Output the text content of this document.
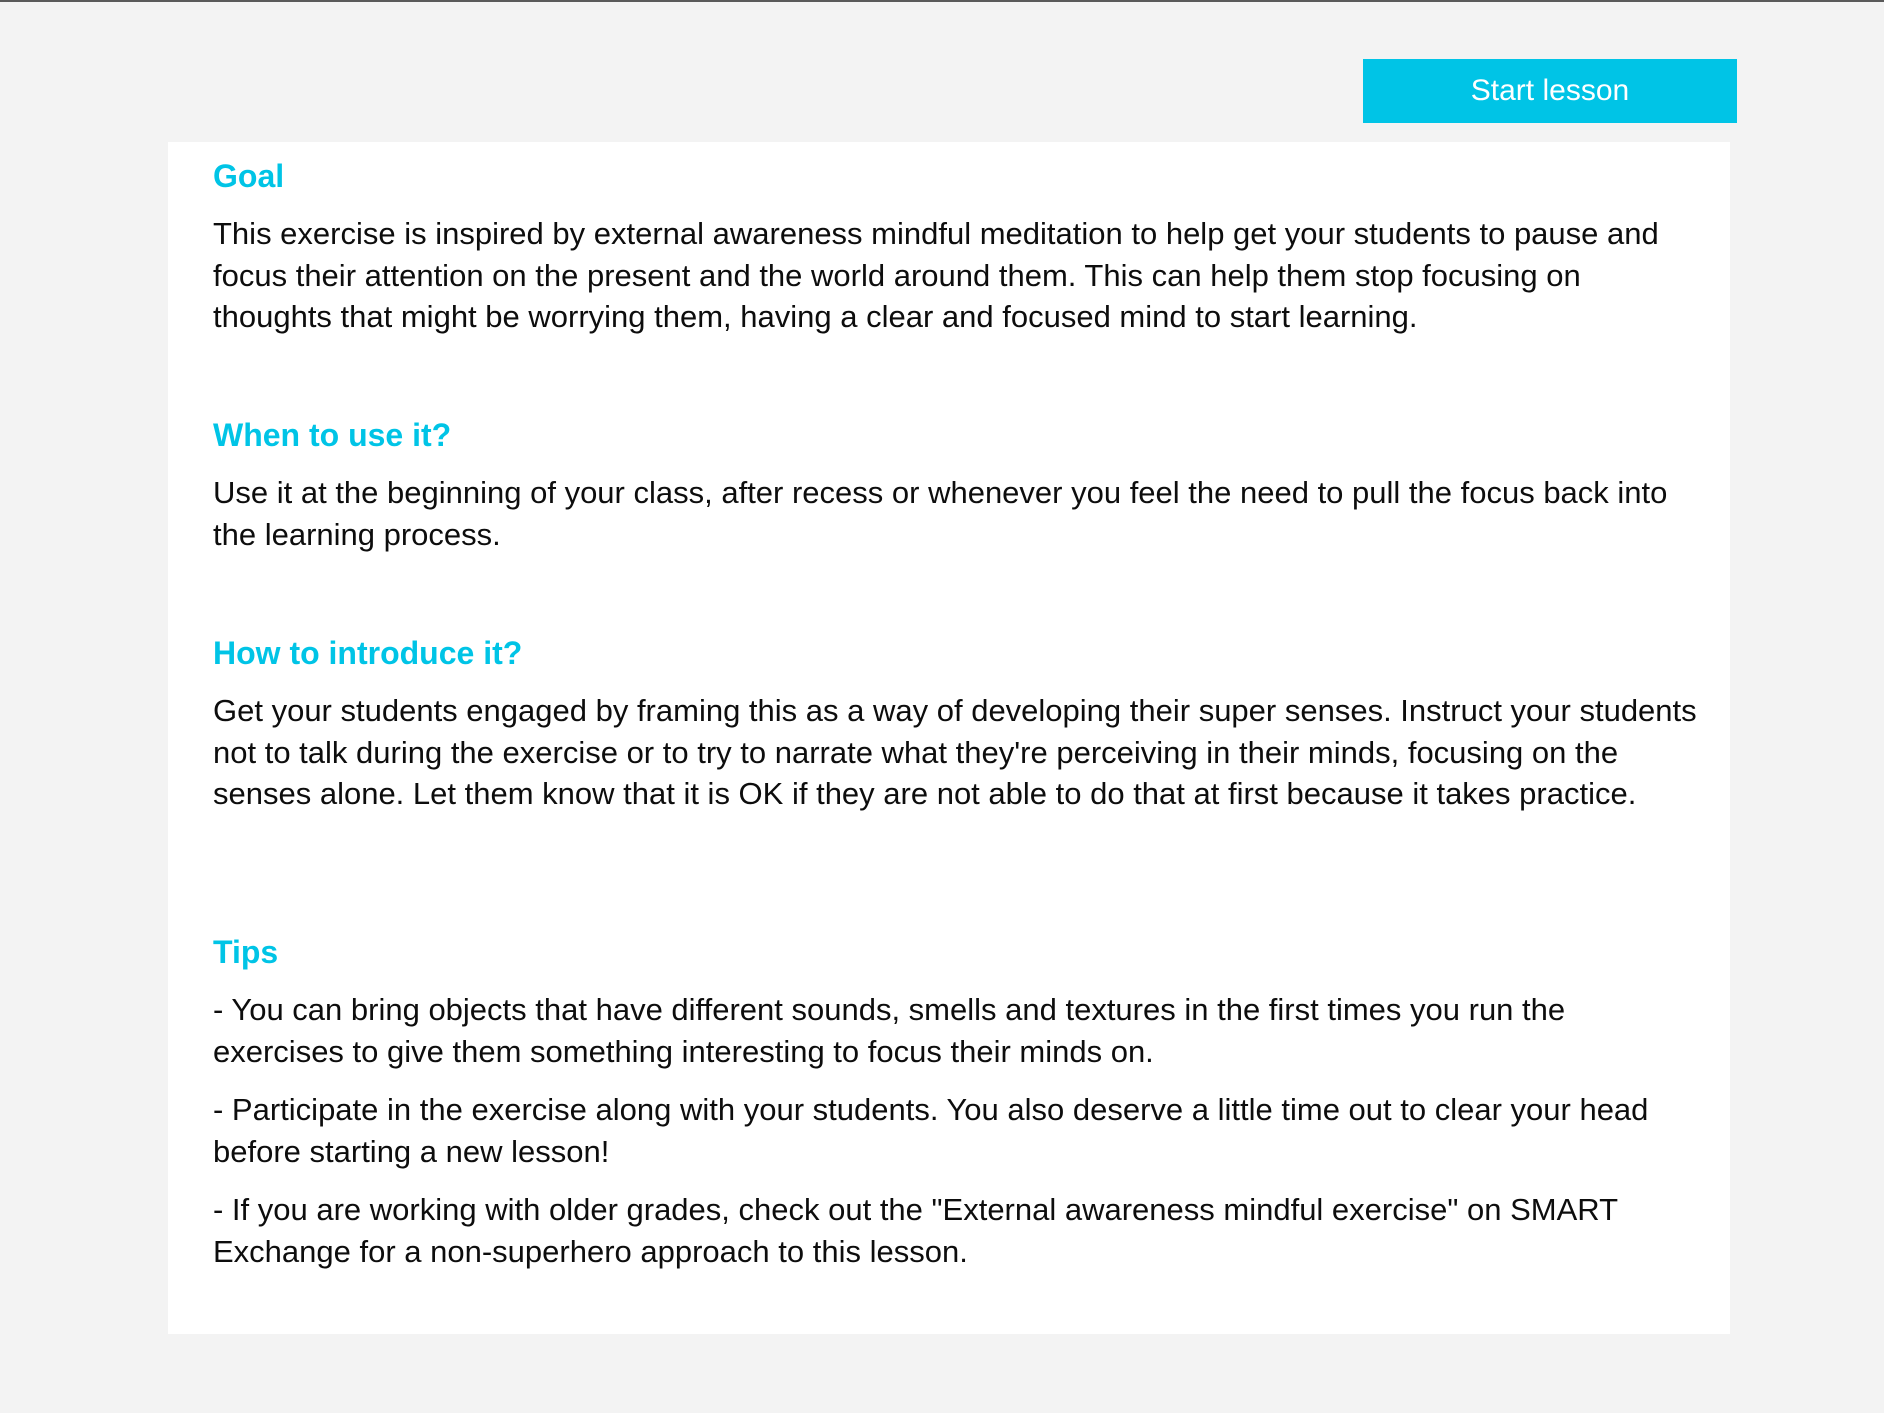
Start lesson
Goal

This exercise is inspired by external awareness mindful meditation to help get your students to pause and focus their attention on the present and the world around them. This can help them stop focusing on thoughts that might be worrying them, having a clear and focused mind to start learning.

When to use it?

Use it at the beginning of your class, after recess or whenever you feel the need to pull the focus back into the learning process.

How to introduce it?

Get your students engaged by framing this as a way of developing their super senses. Instruct your students not to talk during the exercise or to try to narrate what they're perceiving in their minds, focusing on the senses alone. Let them know that it is OK if they are not able to do that at first because it takes practice.

Tips

- You can bring objects that have different sounds, smells and textures in the first times you run the exercises to give them something interesting to focus their minds on.

- Participate in the exercise along with your students. You also deserve a little time out to clear your head before starting a new lesson!

- If you are working with older grades, check out the "External awareness mindful exercise" on SMART Exchange for a non-superhero approach to this lesson.
